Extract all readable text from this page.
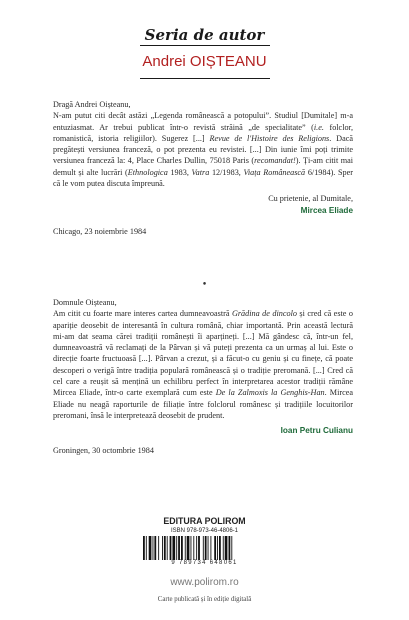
Seria de autor
Andrei OIȘTEANU

Dragă Andrei Oișteanu,

N-am putut citi decât astăzi „Legenda românească a potopului”. Studiul [Dumitale] m-a entuziasmat. Ar trebui publicat într-o revistă străină „de specialitate” (i.e. folclor, romanistică, istoria religiilor). Sugerez [...] Revue de l'Histoire des Religions. Dacă pregătești versiunea franceză, o pot prezenta eu revistei. [...] Din iunie îmi poți trimite versiunea franceză la: 4, Place Charles Dullin, 75018 Paris (recomandat!). Ți-am citit mai demult și alte lucrări (Ethnologica 1983, Vatra 12/1983, Viața Românească 6/1984). Sper că le vom putea discuta împreună.

Cu prietenie, al Dumitale,

Mircea Eliade

Chicago, 23 noiembrie 1984

•

Domnule Oișteanu,

Am citit cu foarte mare interes cartea dumneavoastră Grădina de dincolo și cred că este o apariție deosebit de interesantă în cultura română, chiar importantă. Prin această lectură mi-am dat seama cărei tradiții românești îi aparțineți. [...] Mă gândesc că, într-un fel, dumneavoastră vă reclamați de la Pârvan și vă puteți prezenta ca un urmaș al lui. Este o direcție foarte fructuoasă [...]. Pârvan a crezut, și a făcut-o cu geniu și cu finețe, că poate descoperi o verigă între tradiția populară românească și o tradiție preromană. [...] Cred că cel care a reușit să mențină un echilibru perfect în interpretarea acestor tradiții rămâne Mircea Eliade, într-o carte exemplară cum este De la Zalmoxis la Genghis-Han. Mircea Eliade nu neagă raporturile de filiație între folclorul românesc și tradițiile locuitorilor preromani, însă le interpretează deosebit de prudent.

Ioan Petru Culianu

Groningen, 30 octombrie 1984

EDITURA POLIROM
ISBN 978-973-46-4806-1
9 789734 648061
www.polirom.ro
Carte publicată și în ediție digitală
